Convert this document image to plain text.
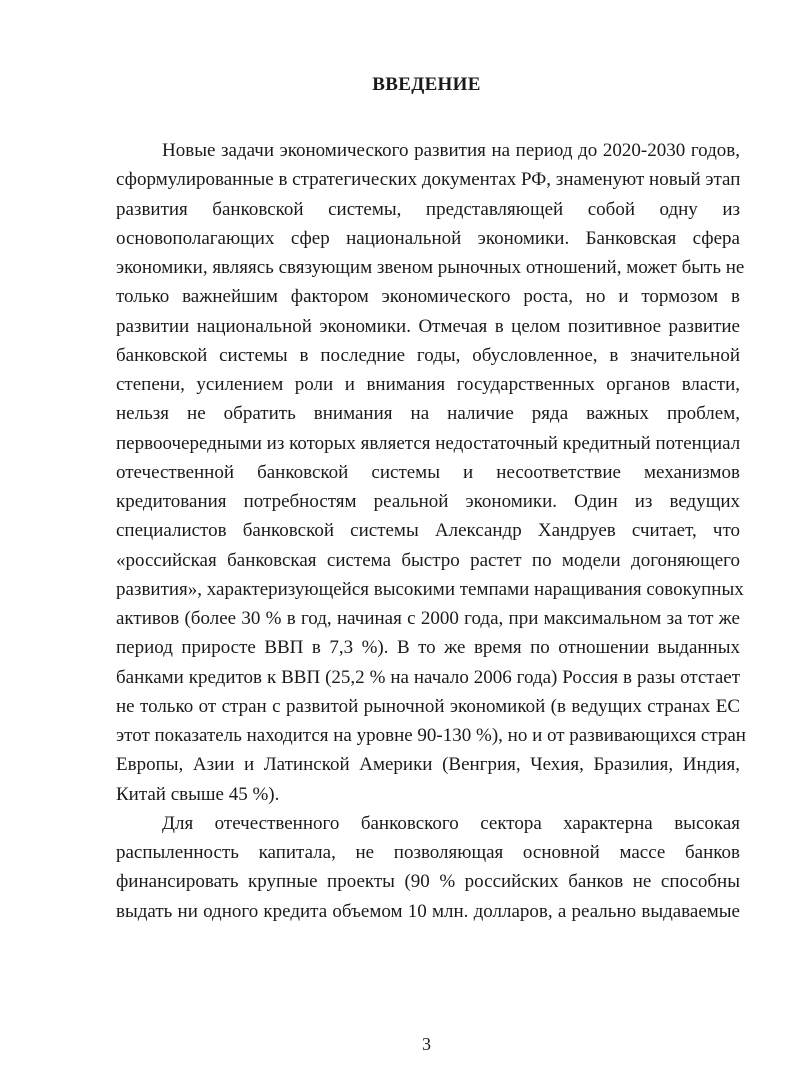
ВВЕДЕНИЕ
Новые задачи экономического развития на период до 2020-2030 годов,
сформулированные в стратегических документах РФ, знаменуют новый этап
развития банковской системы, представляющей собой одну из
основополагающих сфер национальной экономики. Банковская сфера
экономики, являясь связующим звеном рыночных отношений, может быть не
только важнейшим фактором экономического роста, но и тормозом в
развитии национальной экономики. Отмечая в целом позитивное развитие
банковской системы в последние годы, обусловленное, в значительной
степени, усилением роли и внимания государственных органов власти,
нельзя не обратить внимания на наличие ряда важных проблем,
первоочередными из которых является недостаточный кредитный потенциал
отечественной банковской системы и несоответствие механизмов
кредитования потребностям реальной экономики. Один из ведущих
специалистов банковской системы Александр Хандруев считает, что
«российская банковская система быстро растет по модели догоняющего
развития», характеризующейся высокими темпами наращивания совокупных
активов (более 30 % в год, начиная с 2000 года, при максимальном за тот же
период приросте ВВП в 7,3 %). В то же время по отношении выданных
банками кредитов к ВВП (25,2 % на начало 2006 года) Россия в разы отстает
не только от стран с развитой рыночной экономикой (в ведущих странах ЕС
этот показатель находится на уровне 90-130 %), но и от развивающихся стран
Европы, Азии и Латинской Америки (Венгрия, Чехия, Бразилия, Индия,
Китай свыше 45 %).
Для отечественного банковского сектора характерна высокая
распыленность капитала, не позволяющая основной массе банков
финансировать крупные проекты (90 % российских банков не способны
выдать ни одного кредита объемом 10 млн. долларов, а реально выдаваемые
3
